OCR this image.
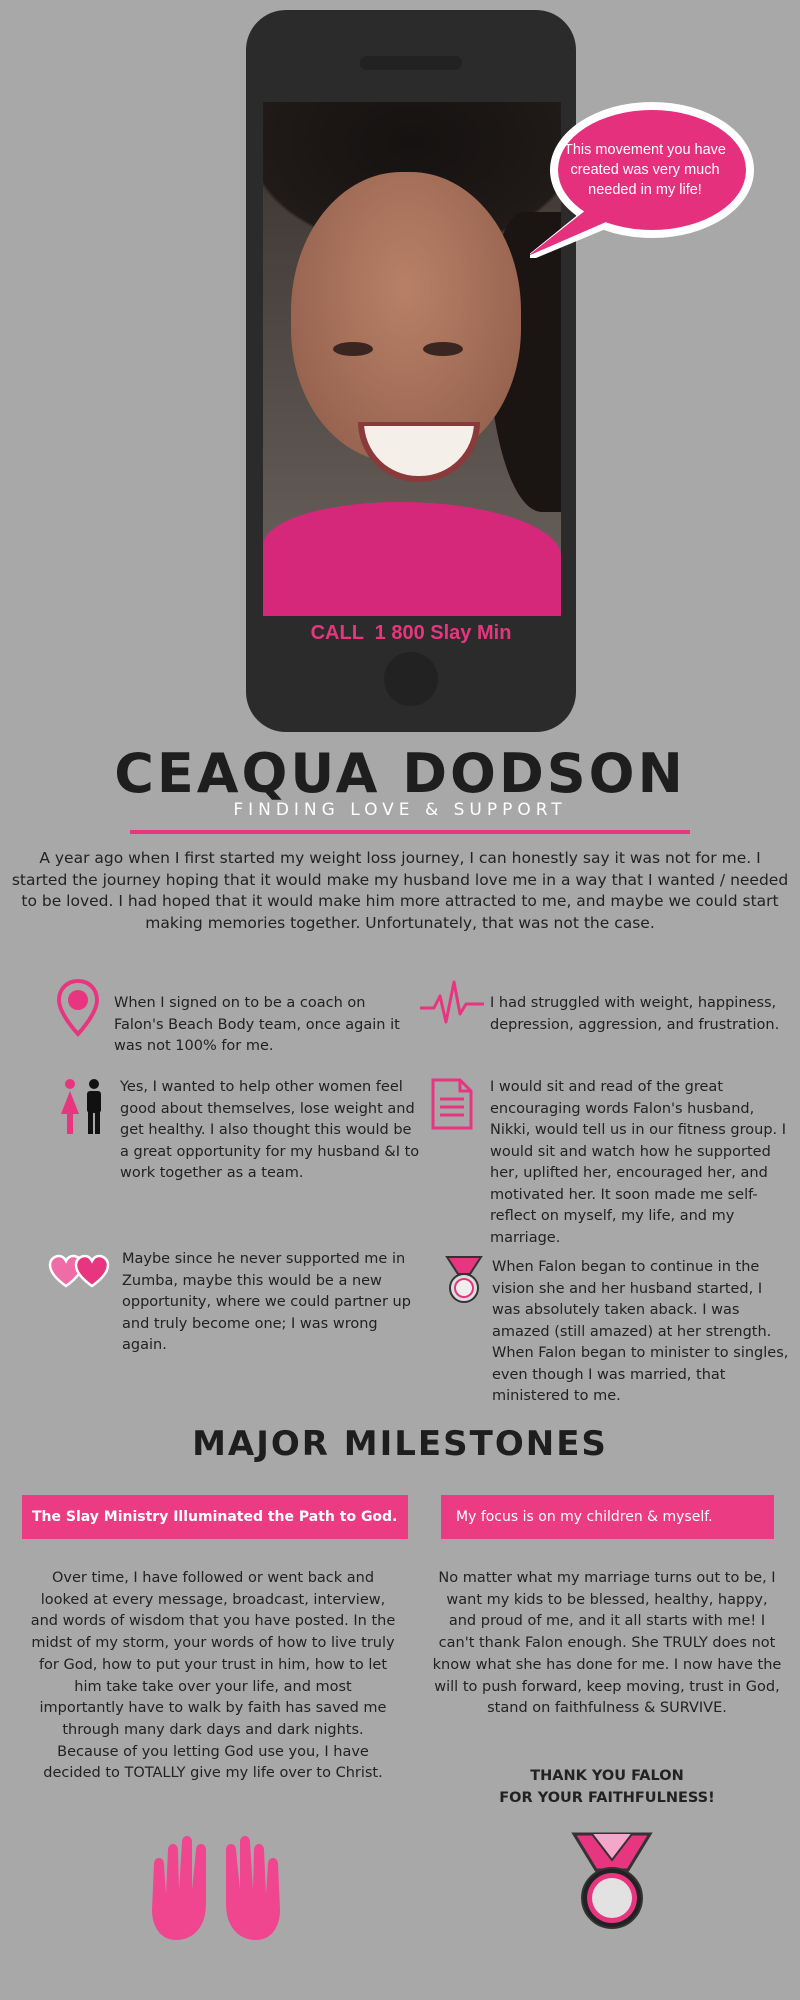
CALL  1 800 Slay Min
This movement you have created was very much needed in my life!
CEAQUA DODSON
FINDING LOVE & SUPPORT
A year ago when I first started my weight loss journey, I can honestly say it was not for me. I started the journey hoping that it would make my husband love me in a way that I wanted / needed to be loved. I had hoped that it would make him more attracted to me, and maybe we could start making memories together. Unfortunately, that was not the case.
When I signed on to be a coach on Falon's Beach Body team, once again it was not 100% for me.
I had struggled with weight, happiness, depression, aggression, and frustration.
Yes, I wanted to help other women feel good about themselves, lose weight and get healthy. I also thought this would be a great opportunity for my husband &I to work together as a team.
I would sit and read of the great encouraging words Falon's husband, Nikki, would tell us in our fitness group. I would sit and watch how he supported her, uplifted her, encouraged her, and motivated her. It soon made me self-reflect on myself, my life, and my marriage.
Maybe since he never supported me in Zumba, maybe this would be a new opportunity, where we could partner up and truly become one; I was wrong again.
When Falon began to continue in the vision she and her husband started, I was absolutely taken aback. I was amazed (still amazed) at her strength. When Falon began to minister to singles, even though I was married, that ministered to me.
MAJOR MILESTONES
The Slay Ministry Illuminated the Path to God.	My focus is on my children & myself.
Over time, I have followed or went back and looked at every message, broadcast, interview, and words of wisdom that you have posted. In the midst of my storm, your words of how to live truly for God, how to put your trust in him, how to let him take take over your life, and most importantly have to walk by faith has saved me through many dark days and dark nights. Because of you letting God use you, I have decided to TOTALLY give my life over to Christ.
No matter what my marriage turns out to be, I want my kids to be blessed, healthy, happy, and proud of me, and it all starts with me! I can't thank Falon enough. She TRULY does not know what she has done for me. I now have the will to push forward, keep moving, trust in God, stand on faithfulness & SURVIVE.
THANK YOU FALON
FOR YOUR FAITHFULNESS!
